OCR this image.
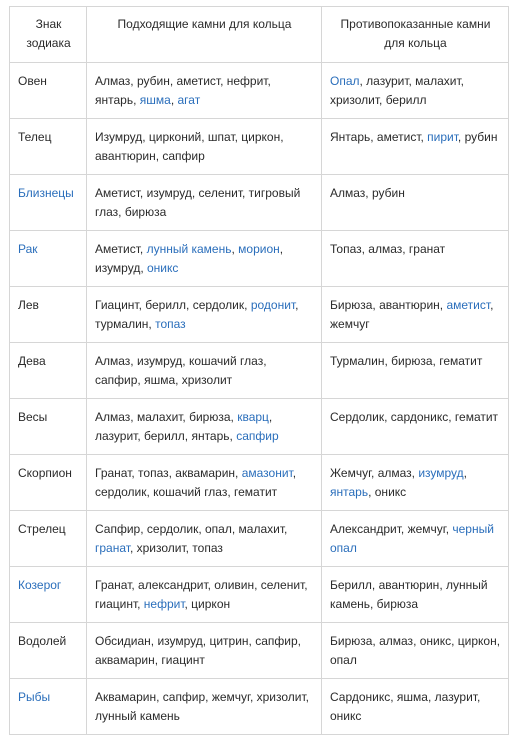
Знак зодиака	Подходящие камни для кольца	Противопоказанные камни для кольца
Овен	Алмаз, рубин, аметист, нефрит, янтарь, яшма, агат	Опал, лазурит, малахит, хризолит, берилл
Телец	Изумруд, цирконий, шпат, циркон, авантюрин, сапфир	Янтарь, аметист, пирит, рубин
Близнецы	Аметист, изумруд, селенит, тигровый глаз, бирюза	Алмаз, рубин
Рак	Аметист, лунный камень, морион, изумруд, оникс	Топаз, алмаз, гранат
Лев	Гиацинт, берилл, сердолик, родонит, турмалин, топаз	Бирюза, авантюрин, аметист, жемчуг
Дева	Алмаз, изумруд, кошачий глаз, сапфир, яшма, хризолит	Турмалин, бирюза, гематит
Весы	Алмаз, малахит, бирюза, кварц, лазурит, берилл, янтарь, сапфир	Сердолик, сардоникс, гематит
Скорпион	Гранат, топаз, аквамарин, амазонит, сердолик, кошачий глаз, гематит	Жемчуг, алмаз, изумруд, янтарь, оникс
Стрелец	Сапфир, сердолик, опал, малахит, гранат, хризолит, топаз	Александрит, жемчуг, черный опал
Козерог	Гранат, александрит, оливин, селенит, гиацинт, нефрит, циркон	Берилл, авантюрин, лунный камень, бирюза
Водолей	Обсидиан, изумруд, цитрин, сапфир, аквамарин, гиацинт	Бирюза, алмаз, оникс, циркон, опал
Рыбы	Аквамарин, сапфир, жемчуг, хризолит, лунный камень	Сардоникс, яшма, лазурит, оникс
